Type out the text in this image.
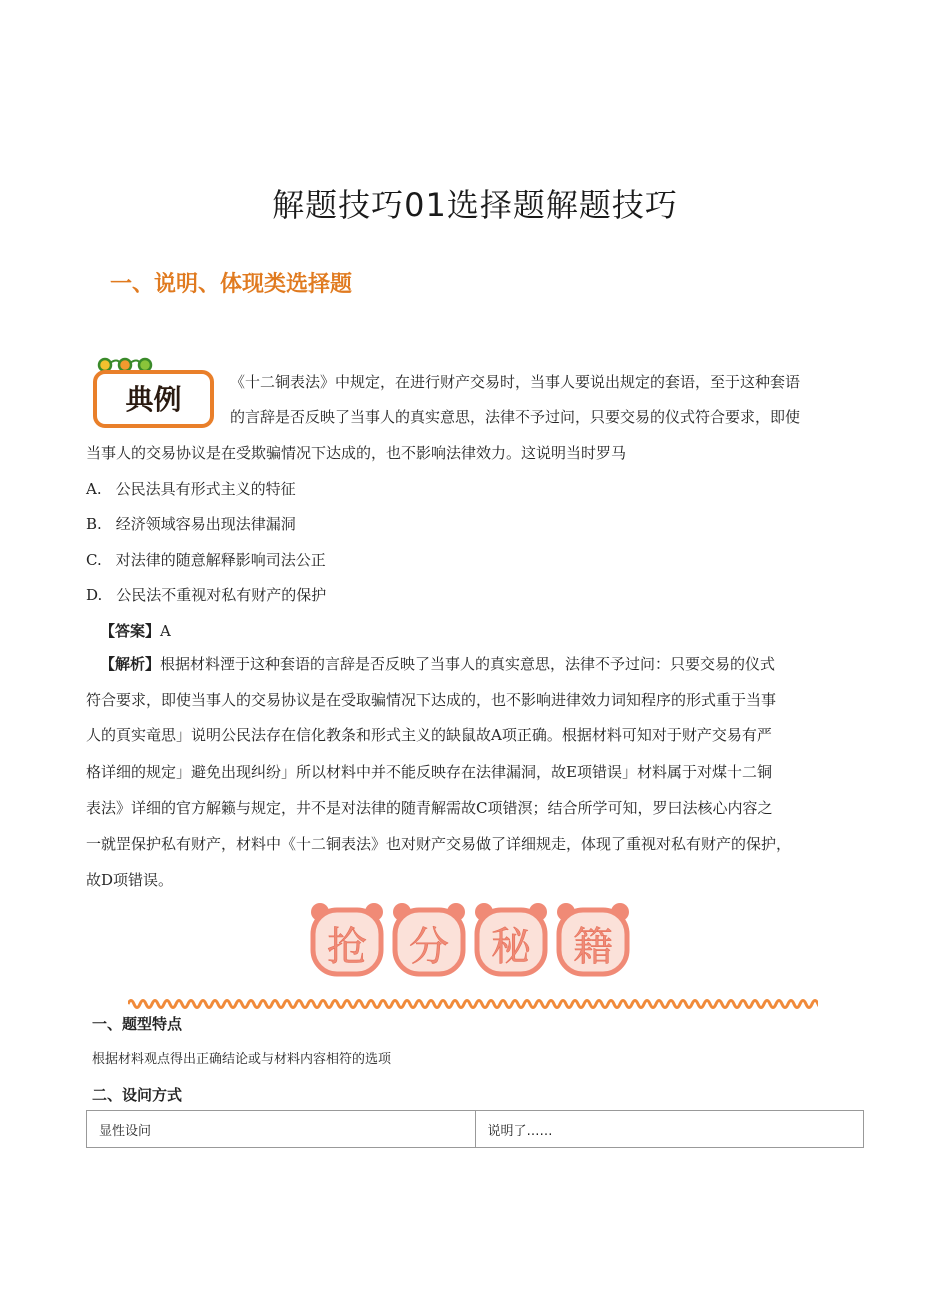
解题技巧01选择题解题技巧
一、说明、体现类选择题
典例
《十二铜表法》中规定，在进行财产交易时，当事人要说出规定的套语，至于这种套语
的言辞是否反映了当事人的真实意思，法律不予过问，只要交易的仪式符合要求，即使
当事人的交易协议是在受欺骗情况下达成的，也不影响法律效力。这说明当时罗马
A. 公民法具有形式主义的特征
B. 经济领域容易出现法律漏洞
C. 对法律的随意解释影响司法公正
D. 公民法不重视对私有财产的保护
【答案】A
【解析】根据材料湮于这种套语的言辞是否反映了当事人的真实意思，法律不予过问：只要交易的仪式
符合要求，即使当事人的交易协议是在受取骗情况下达成的，也不影响进律效力词知程序的形式重于当事
人的頁实竜思」说明公民法存在信化教条和形式主义的缺鼠故A项正确。根据材料可知对于财产交易有严
格详细的规定」避免出现纠纷」所以材料中并不能反映存在法律漏洞，故E项错误」材料属于对煤十二铜
表法》详细的官方解籁与规定，井不是对法律的随青解需故C项错溟；结合所学可知，罗曰法核心内容之
一就罡保护私有财产，材料中《十二铜表法》也对财产交易做了详细规走，体现了重视对私有财产的保护，
故D项错误。
抢 分 秘 籍
一、题型特点
根据材料观点得出正确结论或与材料内容相符的选项
二、设问方式
显性设问	说明了……
